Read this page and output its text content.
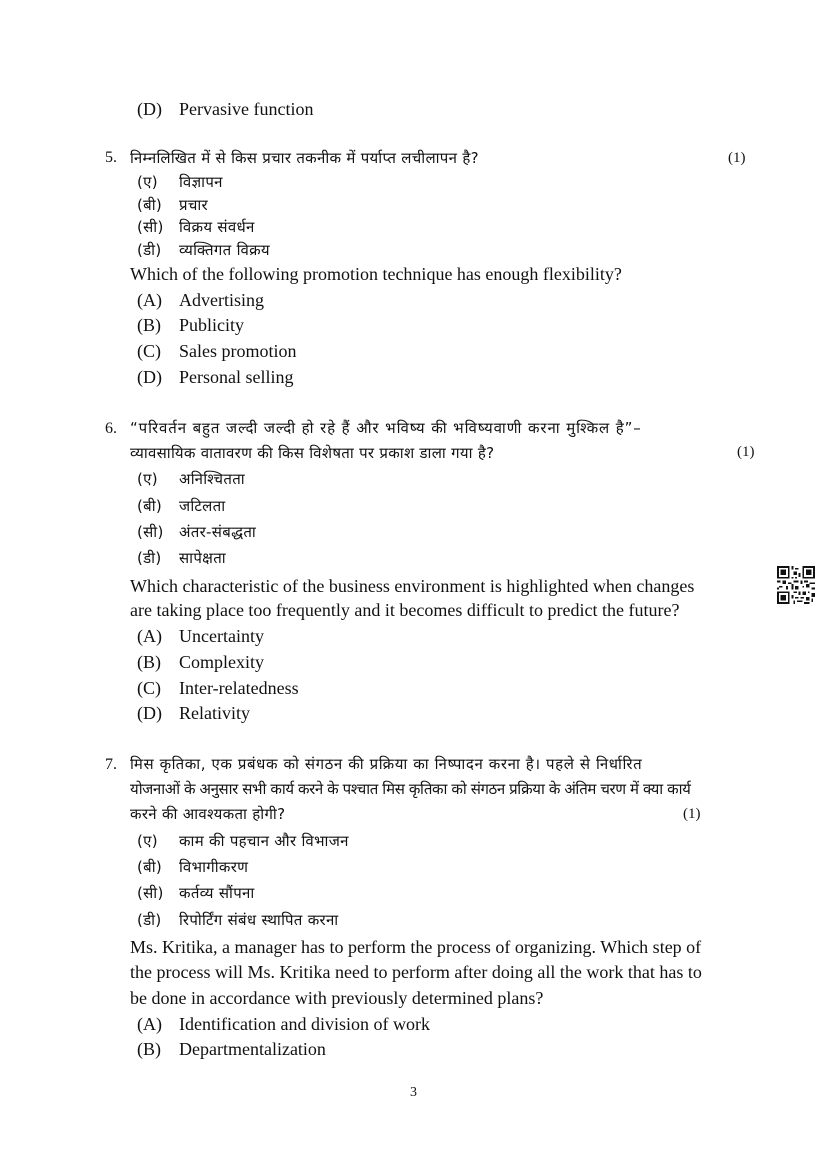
(D) Pervasive function
5. निम्नलिखित में से किस प्रचार तकनीक में पर्याप्त लचीलापन है?	(1)
(ए) विज्ञापन
(बी) प्रचार
(सी) विक्रय संवर्धन
(डी) व्यक्तिगत विक्रय
Which of the following promotion technique has enough flexibility?
(A) Advertising
(B) Publicity
(C) Sales promotion
(D) Personal selling
6. “परिवर्तन बहुत जल्दी जल्दी हो रहे हैं और भविष्य की भविष्यवाणी करना मुश्किल है”–
व्यावसायिक वातावरण की किस विशेषता पर प्रकाश डाला गया है?	(1)
(ए) अनिश्चितता
(बी) जटिलता
(सी) अंतर-संबद्धता
(डी) सापेक्षता
Which characteristic of the business environment is highlighted when changes
are taking place too frequently and it becomes difficult to predict the future?
(A) Uncertainty
(B) Complexity
(C) Inter-relatedness
(D) Relativity
7. मिस कृतिका, एक प्रबंधक को संगठन की प्रक्रिया का निष्पादन करना है। पहले से निर्धारित
योजनाओं के अनुसार सभी कार्य करने के पश्चात मिस कृतिका को संगठन प्रक्रिया के अंतिम चरण में क्या कार्य
करने की आवश्यकता होगी?	(1)
(ए) काम की पहचान और विभाजन
(बी) विभागीकरण
(सी) कर्तव्य सौंपना
(डी) रिपोर्टिंग संबंध स्थापित करना
Ms. Kritika, a manager has to perform the process of organizing. Which step of
the process will Ms. Kritika need to perform after doing all the work that has to
be done in accordance with previously determined plans?
(A) Identification and division of work
(B) Departmentalization
3
